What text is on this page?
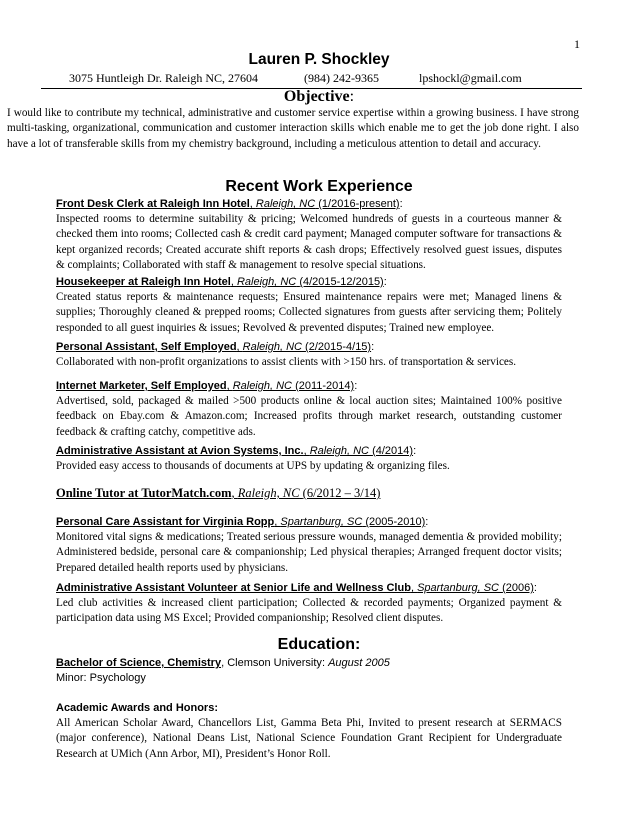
1
Lauren P. Shockley
3075 Huntleigh Dr. Raleigh NC, 27604	(984) 242-9365	lpshockl@gmail.com
Objective:
I would like to contribute my technical, administrative and customer service expertise within a growing business. I have strong multi-tasking, organizational, communication and customer interaction skills which enable me to get the job done right. I also have a lot of transferable skills from my chemistry background, including a meticulous attention to detail and accuracy.
Recent Work Experience
Front Desk Clerk at Raleigh Inn Hotel, Raleigh, NC (1/2016-present):
Inspected rooms to determine suitability & pricing; Welcomed hundreds of guests in a courteous manner & checked them into rooms; Collected cash & credit card payment; Managed computer software for transactions & kept organized records; Created accurate shift reports & cash drops; Effectively resolved guest issues, disputes & complaints; Collaborated with staff & management to resolve special situations.
Housekeeper at Raleigh Inn Hotel, Raleigh, NC (4/2015-12/2015):
Created status reports & maintenance requests; Ensured maintenance repairs were met; Managed linens & supplies; Thoroughly cleaned & prepped rooms; Collected signatures from guests after servicing them; Politely responded to all guest inquiries & issues; Revolved & prevented disputes; Trained new employee.
Personal Assistant, Self Employed, Raleigh, NC (2/2015-4/15):
Collaborated with non-profit organizations to assist clients with >150 hrs. of transportation & services.
Internet Marketer, Self Employed, Raleigh, NC (2011-2014):
Advertised, sold, packaged & mailed >500 products online & local auction sites; Maintained 100% positive feedback on Ebay.com & Amazon.com; Increased profits through market research, outstanding customer feedback & crafting catchy, competitive ads.
Administrative Assistant at Avion Systems, Inc., Raleigh, NC (4/2014):
Provided easy access to thousands of documents at UPS by updating & organizing files.
Online Tutor at TutorMatch.com, Raleigh, NC (6/2012 – 3/14)
Personal Care Assistant for Virginia Ropp, Spartanburg, SC (2005-2010):
Monitored vital signs & medications; Treated serious pressure wounds, managed dementia & provided mobility; Administered bedside, personal care & companionship; Led physical therapies; Arranged frequent doctor visits; Prepared detailed health reports used by physicians.
Administrative Assistant Volunteer at Senior Life and Wellness Club, Spartanburg, SC (2006):
Led club activities & increased client participation; Collected & recorded payments; Organized payment & participation data using MS Excel; Provided companionship; Resolved client disputes.
Education:
Bachelor of Science, Chemistry, Clemson University: August 2005
Minor: Psychology
Academic Awards and Honors:
All American Scholar Award, Chancellors List, Gamma Beta Phi, Invited to present research at SERMACS (major conference), National Deans List, National Science Foundation Grant Recipient for Undergraduate Research at UMich (Ann Arbor, MI), President’s Honor Roll.
